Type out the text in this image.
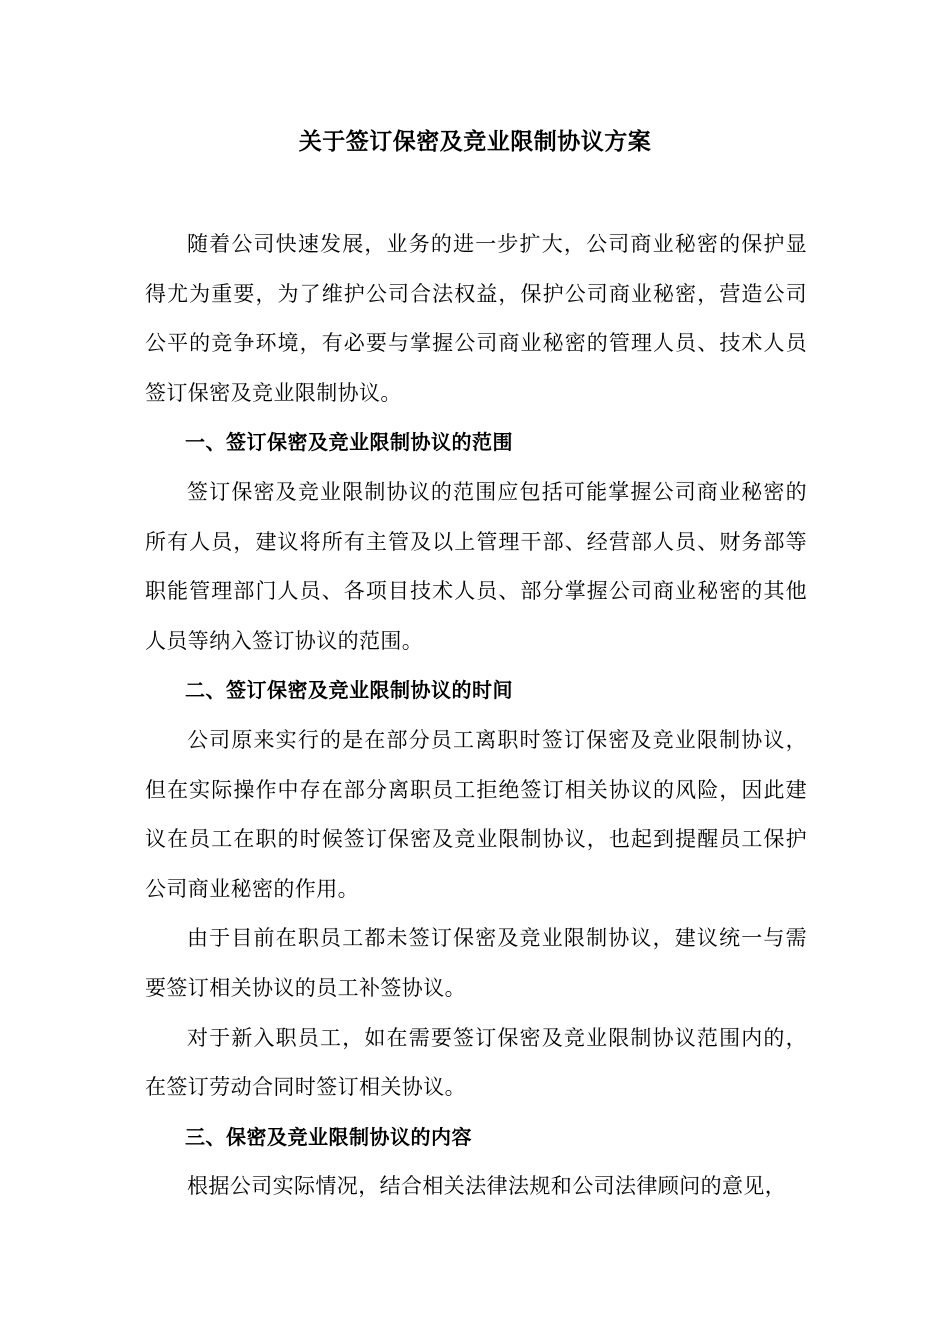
关于签订保密及竞业限制协议方案

随着公司快速发展，业务的进一步扩大，公司商业秘密的保护显得尤为重要，为了维护公司合法权益，保护公司商业秘密，营造公司公平的竞争环境，有必要与掌握公司商业秘密的管理人员、技术人员签订保密及竞业限制协议。

一、签订保密及竞业限制协议的范围

签订保密及竞业限制协议的范围应包括可能掌握公司商业秘密的所有人员，建议将所有主管及以上管理干部、经营部人员、财务部等职能管理部门人员、各项目技术人员、部分掌握公司商业秘密的其他人员等纳入签订协议的范围。

二、签订保密及竞业限制协议的时间

公司原来实行的是在部分员工离职时签订保密及竞业限制协议，但在实际操作中存在部分离职员工拒绝签订相关协议的风险，因此建议在员工在职的时候签订保密及竞业限制协议，也起到提醒员工保护公司商业秘密的作用。

由于目前在职员工都未签订保密及竞业限制协议，建议统一与需要签订相关协议的员工补签协议。

对于新入职员工，如在需要签订保密及竞业限制协议范围内的，在签订劳动合同时签订相关协议。

三、保密及竞业限制协议的内容

根据公司实际情况，结合相关法律法规和公司法律顾问的意见，
